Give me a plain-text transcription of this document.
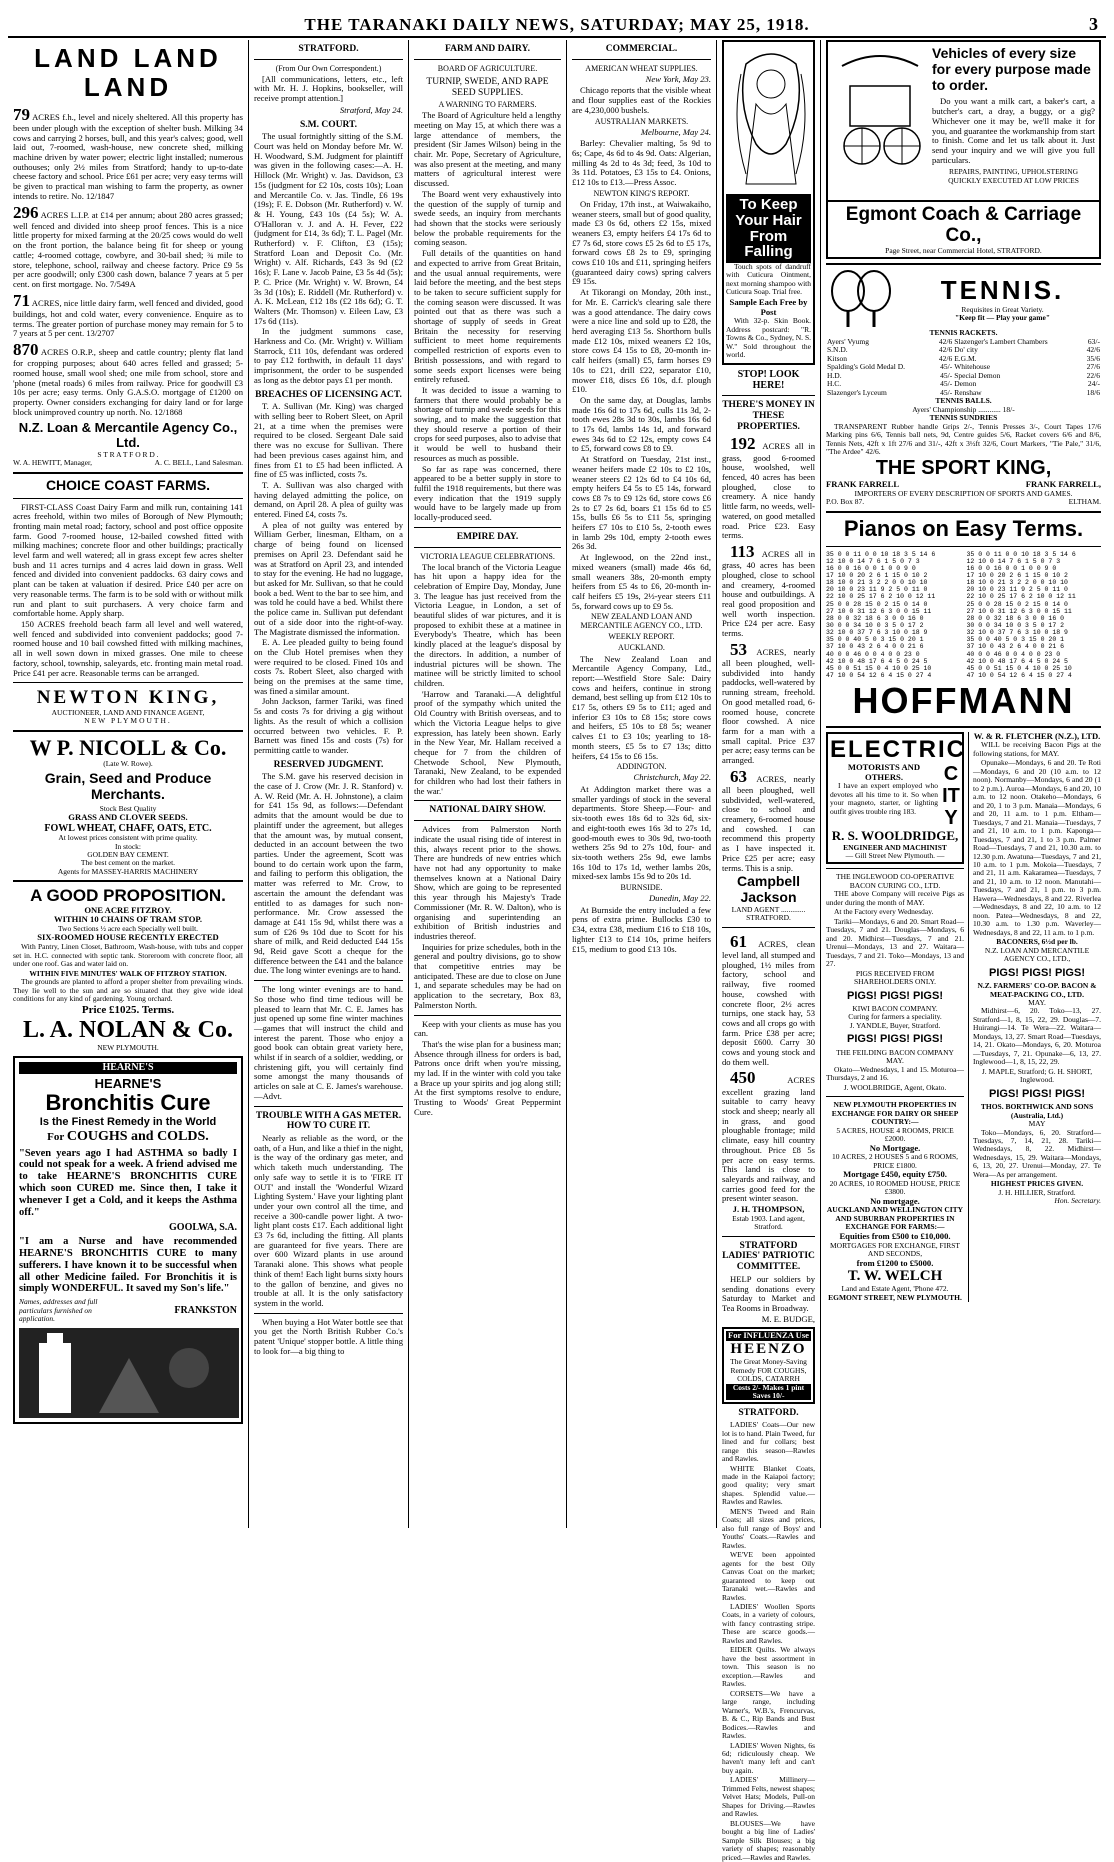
THE TARANAKI DAILY NEWS, SATURDAY; MAY 25, 1918.	3
LAND LAND LAND

79 ACRES f.h., level and nicely sheltered. All this property has been under plough with the exception of shelter bush. Milking 34 cows and carrying 2 horses, bull, and this year's calves; good, well laid out, 7-roomed, wash-house, new concrete shed, milking machine driven by water power; electric light installed; numerous outhouses; only 2½ miles from Stratford; handy to up-to-date cheese factory and school. Price £61 per acre; very easy terms will be given to practical man wishing to farm the property, as owner intends to retire. No. 12/1847

296 ACRES L.I.P. at £14 per annum; about 280 acres grassed; well fenced and divided into sheep proof fences. This is a nice little property for mixed farming at the 20/25 cows would do well on the front portion, the balance being fit for sheep or young cattle; 4-roomed cottage, cowbyre, and 30-bail shed; ¾ mile to store, telephone, school, railway and cheese factory. Price £9 5s per acre goodwill; only £300 cash down, balance 7 years at 5 per cent. on first mortgage. No. 7/549A

71 ACRES, nice little dairy farm, well fenced and divided, good buildings, hot and cold water, every convenience. Enquire as to terms. The greater portion of purchase money may remain for 5 to 7 years at 5 per cent. 13/2707

870 ACRES O.R.P., sheep and cattle country; plenty flat land for cropping purposes; about 640 acres felled and grassed; 5-roomed house, small wool shed; one mile from school, store and 'phone (metal roads) 6 miles from railway. Price for goodwill £3 10s per acre; easy terms. Only G.A.S.O. mortgage of £1200 on property. Owner considers exchanging for dairy land or for large block unimproved country up north. No. 12/1868

N.Z. Loan & Mercantile Agency Co., Ltd.
S T R A T F O R D .
W. A. HEWITT, Manager,	A. C. BELL, Land Salesman.
CHOICE COAST FARMS.

FIRST-CLASS Coast Dairy Farm and milk run, containing 141 acres freehold, within two miles of Borough of New Plymouth; fronting main metal road; factory, school and post office opposite farm. Good 7-roomed house, 12-bailed cowshed fitted with milking machines; concrete floor and other buildings; practically level farm and well watered; all in grass except few acres shelter bush and 11 acres turnips and 4 acres laid down in grass. Well fenced and divided into convenient paddocks. 63 dairy cows and plant can be taken at valuation if desired. Price £40 per acre on very reasonable terms. The farm is to be sold with or without milk run and plant to suit purchasers. A very choice farm and comfortable home. Apply sharp.

150 ACRES freehold beach farm all level and well watered, well fenced and subdivided into convenient paddocks; good 7-roomed house and 10 bail cowshed fitted with milking machines, all in well sown down in mixed grasses. One mile to cheese factory, school, township, saleyards, etc. fronting main metal road. Price £41 per acre. Reasonable terms can be arranged.

NEWTON KING,
AUCTIONEER, LAND AND FINANCE AGENT,
NEW PLYMOUTH.
W P. NICOLL & Co.
(Late W. Rowe).
Grain, Seed and Produce Merchants.
Stock Best Quality
GRASS AND CLOVER SEEDS.
FOWL WHEAT, CHAFF, OATS, ETC.
At lowest prices consistent with prime quality.
In stock:
GOLDEN BAY CEMENT.
The best cement on the market.
Agents for MASSEY-HARRIS MACHINERY
A GOOD PROPOSITION.
ONE ACRE FITZROY.
WITHIN 10 CHAINS OF TRAM STOP.
Two Sections ½ acre each Specially well built.
SIX-ROOMED HOUSE RECENTLY ERECTED

With Pantry, Linen Closet, Bathroom, Wash-house, with tubs and copper set in. H.C. connected with septic tank. Storeroom with concrete floor, all under one roof. Gas and water laid on.

WITHIN FIVE MINUTES' WALK OF FITZROY STATION.

The grounds are planted to afford a proper shelter from prevailing winds. They lie well to the sun and are so situated that they give wide ideal conditions for any kind of gardening. Young orchard.

Price £1025. Terms.
L. A. NOLAN & Co.
NEW PLYMOUTH.
HEARNE'S
HEARNE'S
Bronchitis Cure
Is the Finest Remedy in the World
For COUGHS and COLDS.
"Seven years ago I had ASTHMA so badly I could not speak for a week. A friend advised me to take HEARNE'S BRONCHITIS CURE which soon CURED me. Since then, I take it whenever I get a Cold, and it keeps the Asthma off."
GOOLWA, S.A.
"I am a Nurse and have recommended HEARNE'S BRONCHITIS CURE to many sufferers. I have known it to be successful when all other Medicine failed. For Bronchitis it is simply WONDERFUL. It saved my Son's life."
Names, addresses and full particulars furnished on application.
FRANKSTON
STRATFORD.
(From Our Own Correspondent.)

[All communications, letters, etc., left with Mr. H. J. Hopkins, bookseller, will receive prompt attention.]

Stratford, May 24.
S.M. COURT.

The usual fortnightly sitting of the S.M. Court was held on Monday before Mr. W. H. Woodward, S.M. Judgment for plaintiff was given in the following cases:—A. H. Hillock (Mr. Wright) v. Jas. Davidson, £3 15s (judgment for £2 10s, costs 10s); Loan and Mercantile Co. v. Jas. Tindle, £6 19s (19s); F. E. Dobson (Mr. Rutherford) v. W. & H. Young, £43 10s (£4 5s); W. A. O'Halloran v. J. and A. H. Fever, £22 (judgment for £14, 3s 6d); T. L. Pagel (Mr. Rutherford) v. F. Clifton, £3 (15s); Stratford Loan and Deposit Co. (Mr. Wright) v. Alf. Richards, £43 3s 9d (£2 16s); F. Lane v. Jacob Paine, £3 5s 4d (5s); P. C. Price (Mr. Wright) v. W. Brown, £4 3s 3d (10s); E. Riddell (Mr. Rutherford) v. A. K. McLean, £12 18s (£2 18s 6d); G. T. Walters (Mr. Thomson) v. Eileen Law, £3 17s 6d (11s).

In the judgment summons case, Harkness and Co. (Mr. Wright) v. William Starrock, £11 10s, defendant was ordered to pay £12 forthwith, in default 11 days' imprisonment, the order to be suspended as long as the debtor pays £1 per month.

BREACHES OF LICENSING ACT.

T. A. Sullivan (Mr. King) was charged with selling beer to Robert Sleet, on April 21, at a time when the premises were required to be closed. Sergeant Dale said there was no excuse for Sullivan. There had been previous cases against him, and fines from £1 to £5 had been inflicted. A fine of £5 was inflicted, costs 7s.

T. A. Sullivan was also charged with having delayed admitting the police, on demand, on April 28. A plea of guilty was entered. Fined £4, costs 7s.

A plea of not guilty was entered by William Gerber, linesman, Eltham, on a charge of being found on licensed premises on April 23. Defendant said he was at Stratford on April 23, and intended to stay for the evening. He had no luggage, but asked for Mr. Sullivan, so that he could book a bed. Went to the bar to see him, and was told he could have a bed. Whilst there the police came in. Sullivan put defendant out of a side door into the right-of-way. The Magistrate dismissed the information.

E. A. Lee pleaded guilty to being found on the Club Hotel premises when they were required to be closed. Fined 10s and costs 7s. Robert Sleet, also charged with being on the premises at the same time, was fined a similar amount.

John Jackson, farmer Tariki, was fined 5s and costs 7s for driving a gig without lights. As the result of which a collision occurred between two vehicles. F. P. Barnett was fined 15s and costs (7s) for permitting cattle to wander.

RESERVED JUDGMENT.

The S.M. gave his reserved decision in the case of J. Crow (Mr. J. R. Stanford) v. A. W. Reid (Mr. A. H. Johnstone), a claim for £41 15s 9d, as follows:—Defendant admits that the amount would be due to plaintiff under the agreement, but alleges that the amount was, by mutual consent, deducted in an account between the two parties. Under the agreement, Scott was bound to do certain work upon the farm, and failing to perform this obligation, the matter was referred to Mr. Crow, to ascertain the amount the defendant was entitled to as damages for such non-performance. Mr. Crow assessed the damage at £41 15s 9d, whilst there was a sum of £26 9s 10d due to Scott for his share of milk, and Reid deducted £44 15s 9d, Reid gave Scott a cheque for the difference between the £41 and the balance due. The long winter evenings are to hand.

The long winter evenings are to hand. So those who find time tedious will be pleased to learn that Mr. C. E. James has just opened up some fine winter machines—games that will instruct the child and interest the parent. Those who enjoy a good book can obtain great variety here, whilst if in search of a soldier, wedding, or christening gift, you will certainly find some amongst the many thousands of articles on sale at C. E. James's warehouse.—Advt.

TROUBLE WITH A GAS METER. HOW TO CURE IT.

Nearly as reliable as the word, or the oath, of a Hun, and like a thief in the night, is the way of the ordinary gas meter, and which taketh much understanding. The only safe way to settle it is to 'FIRE IT OUT' and install the 'Wonderful Wizard Lighting System.' Have your lighting plant under your own control all the time, and receive a 300-candle power light. A two-light plant costs £17. Each additional light £3 7s 6d, including the fitting. All plants are guaranteed for five years. There are over 600 Wizard plants in use around Taranaki alone. This shows what people think of them! Each light burns sixty hours to the gallon of benzine, and gives no trouble at all. It is the only satisfactory system in the world.

When buying a Hot Water bottle see that you get the North British Rubber Co.'s patent 'Unique' stopper bottle. A little thing to look for—a big thing to

FARM AND DAIRY.
BOARD OF AGRICULTURE.
TURNIP, SWEDE, AND RAPE SEED SUPPLIES.
A WARNING TO FARMERS.

The Board of Agriculture held a lengthy meeting on May 15, at which there was a large attendance of members, the president (Sir James Wilson) being in the chair. Mr. Pope, Secretary of Agriculture, was also present at the meeting, and many matters of agricultural interest were discussed.

The Board went very exhaustively into the question of the supply of turnip and swede seeds, an inquiry from merchants had shown that the stocks were seriously below the probable requirements for the coming season.

Full details of the quantities on hand and expected to arrive from Great Britain, and the usual annual requirements, were laid before the meeting, and the best steps to be taken to secure sufficient supply for the coming season were discussed. It was pointed out that as there was such a shortage of supply of seeds in Great Britain the necessity for reserving sufficient to meet home requirements compelled restriction of exports even to British possessions, and with regard to some seeds export licenses were being entirely refused.

It was decided to issue a warning to farmers that there would probably be a shortage of turnip and swede seeds for this sowing, and to make the suggestion that they should reserve a portion of their crops for seed purposes, also to advise that it would be well to husband their resources as much as possible.

So far as rape was concerned, there appeared to be a better supply in store to fulfil the 1918 requirements, but there was every indication that the 1919 supply would have to be largely made up from locally-produced seed.

EMPIRE DAY.
VICTORIA LEAGUE CELEBRATIONS.

The local branch of the Victoria League has hit upon a happy idea for the celebration of Empire Day, Monday, June 3. The league has just received from the Victoria League, in London, a set of beautiful slides of war pictures, and it is proposed to exhibit these at a matinee in Everybody's Theatre, which has been kindly placed at the league's disposal by the directors. In addition, a number of industrial pictures will be shown. The matinee will be strictly limited to school children.

'Harrow and Taranaki.—A delightful proof of the sympathy which united the Old Country with British overseas, and to which the Victoria League helps to give expression, has lately been shown. Early in the New Year, Mr. Hallam received a cheque for 7 from the children of Chetwode School, New Plymouth, Taranaki, New Zealand, to be expended for children who had lost their fathers in the war.'

NATIONAL DAIRY SHOW.

Advices from Palmerston North indicate the usual rising tide of interest in this, always recent prior to the shows. There are hundreds of new entries which have not had any opportunity to make themselves known at a National Dairy Show, which are going to be represented this year through his Majesty's Trade Commissioner (Mr. R. W. Dalton), who is organising and superintending an exhibition of British industries and industries thereof.

Inquiries for prize schedules, both in the general and poultry divisions, go to show that competitive entries may be anticipated. These are due to close on June 1, and separate schedules may be had on application to the secretary, Box 83, Palmerston North.

Keep with your clients as muse has you can.

That's the wise plan for a business man; Absence through illness for orders is bad, Patrons once drift when you're missing, my lad. If in the winter with cold you take a Brace up your spirits and jog along still; At the first symptoms resolve to endure, Trusting to Woods' Great Peppermint Cure.

COMMERCIAL.
AMERICAN WHEAT SUPPLIES.
New York, May 23.

Chicago reports that the visible wheat and flour supplies east of the Rockies are 4,230,000 bushels.

AUSTRALIAN MARKETS.
Melbourne, May 24.

Barley: Chevalier malting, 5s 9d to 6s; Cape, 4s 6d to 4s 9d. Oats: Algerian, milling 4s 2d to 4s 3d; feed, 3s 10d to 3s 11d. Potatoes, £3 15s to £4. Onions, £12 10s to £13.—Press Assoc.

NEWTON KING'S REPORT.

On Friday, 17th inst., at Waiwakaiho, weaner steers, small but of good quality, made £3 0s 6d, others £2 15s, mixed weaners £3, empty heifers £4 17s 6d to £7 7s 6d, store cows £5 2s 6d to £5 17s, forward cows £8 2s to £9, springing cows £10 10s and £11, springing heifers (guaranteed dairy cows) spring calvers £9 15s.

At Tikorangi on Monday, 20th inst., for Mr. E. Carrick's clearing sale there was a good attendance. The dairy cows were a nice line and sold up to £28, the herd averaging £13 5s. Shorthorn bulls made £12 10s, mixed weaners £2 10s, store cows £4 15s to £8, 20-month in-calf heifers (small) £5, farm horses £9 10s to £21, drill £22, separator £10, mower £18, discs £6 10s, d.f. plough £10.

On the same day, at Douglas, lambs made 16s 6d to 17s 6d, culls 11s 3d, 2-tooth ewes 28s 3d to 30s, lambs 16s 6d to 17s 6d, lambs 14s 1d, and forward ewes 34s 6d to £2 12s, empty cows £4 to £5, forward cows £8 to £9.

At Stratford on Tuesday, 21st inst., weaner heifers made £2 10s to £2 10s, weaner steers £2 12s 6d to £4 10s 6d, empty heifers £4 5s to £5 14s, forward cows £8 7s to £9 12s 6d, store cows £6 2s to £7 2s 6d, boars £1 15s 6d to £5 15s, bulls £6 5s to £11 5s, springing heifers £7 10s to £10 5s, 2-tooth ewes in lamb 29s 10d, empty 2-tooth ewes 26s 3d.

At Inglewood, on the 22nd inst., mixed weaners (small) made 46s 6d, small weaners 38s, 20-month empty heifers from £5 4s to £6, 20-month in-calf heifers £5 19s, 2½-year steers £11 5s, forward cows up to £9 5s.

NEW ZEALAND LOAN AND MERCANTILE AGENCY CO., LTD.
WEEKLY REPORT.
AUCKLAND.

The New Zealand Loan and Mercantile Agency Company, Ltd., report:—Westfield Store Sale: Dairy cows and heifers, continue in strong demand, best selling up from £12 10s to £17 5s, others £9 5s to £11; aged and inferior £3 10s to £8 15s; store cows and heifers, £5 10s to £8 5s; weaner calves £1 to £3 10s; yearling to 18-month steers, £5 5s to £7 13s; ditto heifers, £4 15s to £6 15s.

ADDINGTON.
Christchurch, May 22.

At Addington market there was a smaller yardings of stock in the several departments. Store Sheep.—Four- and six-tooth ewes 18s 6d to 32s 6d, six- and eight-tooth ewes 16s 3d to 27s 1d, good-mouth ewes to 30s 9d, two-tooth wethers 25s 9d to 27s 10d, four- and six-tooth wethers 25s 9d, ewe lambs 16s 10d to 17s 1d, wether lambs 20s, mixed-sex lambs 15s 9d to 20s 1d.

BURNSIDE.
Dunedin, May 22.

At Burnside the entry included a few pens of extra prime. Bullocks £30 to £34, extra £38, medium £16 to £18 10s, lighter £13 to £14 10s, prime heifers £15, medium to good £13 10s.

To Keep Your Hair From Falling

Touch spots of dandruff with Cuticura Ointment, next morning shampoo with Cuticura Soap. Trial free.

Sample Each Free by Post

With 32-p. Skin Book. Address postcard: "R. Towns & Co., Sydney, N. S. W." Sold throughout the world.

STOP! LOOK HERE!
THERE'S MONEY IN THESE PROPERTIES.

192 ACRES all in grass, good 6-roomed house, woolshed, well fenced, 40 acres has been ploughed, close to creamery. A nice handy little farm, no weeds, well-watered, on good metalled road. Price £23. Easy terms.

113 ACRES all in grass, 40 acres has been ploughed, close to school and creamery, 4-roomed house and outbuildings. A real good proposition and well worth inspection. Price £24 per acre. Easy terms.

53 ACRES, nearly all been ploughed, well-subdivided into handy paddocks, well-watered by running stream, freehold. On good metalled road, 6-roomed house, concrete floor cowshed. A nice farm for a man with a small capital. Price £37 per acre; easy terms can be arranged.

63 ACRES, nearly all been ploughed, well subdivided, well-watered, close to school and creamery, 6-roomed house and cowshed. I can recommend this property as I have inspected it. Price £25 per acre; easy terms. This is a snip.

Campbell Jackson
LAND AGENT ............. STRATFORD.

61 ACRES, clean level land, all stumped and ploughed, 1½ miles from factory, school and railway, five roomed house, cowshed with concrete floor, 2½ acres turnips, one stack hay, 53 cows and all crops go with farm. Price £38 per acre; deposit £600. Carry 30 cows and young stock and do them well.

450 ACRES excellent grazing land suitable to carry heavy stock and sheep; nearly all in grass, and good ploughable frontage; mild climate, easy hill country throughout. Price £8 5s per acre on easy terms. This land is close to saleyards and railway, and carries good feed for the present winter season.

J. H. THOMPSON,
Estab 1903. Land agent, Stratford.
STRATFORD LADIES' PATRIOTIC COMMITTEE.

HELP our soldiers by sending donations every Saturday to Market and Tea Rooms in Broadway.

M. E. BUDGE,
For INFLUENZA Use
HEENZO
The Great Money-Saving Remedy FOR COUGHS, COLDS, CATARRH
Costs 2/- Makes 1 pint Saves 10/-
STRATFORD.

LADIES' Coats—Our new lot is to hand. Plain Tweed, fur lined and fur collars; best range this season—Rawles and Rawles.

WHITE Blanket Coats, made in the Kaiapoi factory; good quality; very smart shapes. Splendid value.—Rawles and Rawles.

MEN'S Tweed and Rain Coats; all sizes and prices, also full range of Boys' and Youths' Coats.—Rawles and Rawles.

WE'VE been appointed agents for the best Oily Canvas Coat on the market; guaranteed to keep out Taranaki wet.—Rawles and Rawles.

LADIES' Woollen Sports Coats, in a variety of colours, with fancy contrasting stripe. These are scarce goods.—Rawles and Rawles.

EIDER Quilts. We always have the best assortment in town. This season is no exception.—Rawles and Rawles.

CORSETS—We have a large range, including Warner's, W.B.'s, Frencurvas, B. & C., Rip Bands and Bust Bodices.—Rawles and Rawles.

LADIES' Woven Nights, 6s 6d; ridiculously cheap. We haven't many left and can't buy again.

LADIES' Millinery—Trimmed Felts, newest shapes; Velvet Hats; Models, Pull-on Shapes for Driving.—Rawles and Rawles.

BLOUSES—We have bought a big line of Ladies' Sample Silk Blouses; a big variety of shapes; reasonably priced.—Rawles and Rawles.

Vehicles of every size for every purpose made to order.

Do you want a milk cart, a baker's cart, a butcher's cart, a dray, a buggy, or a gig? Whichever one it may be, we'll make it for you, and guarantee the workmanship from start to finish. Come and let us talk about it. Just send your inquiry and we will give you full particulars.

REPAIRS, PAINTING, UPHOLSTERING QUICKLY EXECUTED AT LOW PRICES
Egmont Coach & Carriage Co.,
Page Street, near Commercial Hotel, STRATFORD.
TENNIS.
Requisites in Great Variety.
"Keep fit — Play your game"
TENNIS RACKETS.
Ayers' Vyumg	42/6	Slazenger's Lambert Chambers	63/-
S.N.D.	42/6	Do' city	42/6
Kitson	42/6	E.G.M.	35/6
Spalding's Gold Medal D.	45/-	Whitehouse	27/6
H.D.	45/-	Special Demon	22/6
H.C.	45/-	Demon	24/-
Slazenger's Lyceum	45/-	Renshaw	18/6
TENNIS BALLS.
Ayers' Championship ............ 18/-
TENNIS SUNDRIES

TRANSPARENT Rubber handle Grips 2/-, Tennis Presses 3/-, Court Tapes 17/6 Marking pins 6/6, Tennis ball nets, 9d, Centre guides 5/6, Racket covers 6/6 and 8/6, Tennis Nets, 42ft x 1ft 27/6 and 31/-, 42ft x 3½ft 32/6, Court Markers, "Tie Pale," 31/6, "The Ardee" 42/6.

THE SPORT KING,
FRANK FARRELL	FRANK FARRELL,
IMPORTERS OF EVERY DESCRIPTION OF SPORTS AND GAMES.
P.O. Box 87.	ELTHAM.
Pianos on Easy Terms.
35 0 0 11 0 0 10 18 3 5 14 6
12 10 0 14 7 6 1 5 0 7 3
16 0 0 16 0 0 1 0 0 9 0
17 10 0 20 2 6 1 15 0 10 2
18 10 0 21 3 2 2 0 0 10 10
20 10 0 23 11 9 2 5 0 11 0
22 10 0 25 17 6 2 10 0 12 11
25 0 0 28 15 0 2 15 0 14 0
27 10 0 31 12 6 3 0 0 15 11
28 0 0 32 18 6 3 0 0 16 0
30 0 0 34 10 0 3 5 0 17 2
32 10 0 37 7 6 3 10 0 18 9
35 0 0 40 5 0 3 15 0 20 1
37 10 0 43 2 6 4 0 0 21 6
40 0 0 46 0 0 4 0 0 23 0
42 10 0 48 17 6 4 5 0 24 5
45 0 0 51 15 0 4 10 0 25 10
47 10 0 54 12 6 4 15 0 27 4
35 0 0 11 0 0 10 18 3 5 14 6
12 10 0 14 7 6 1 5 0 7 3
16 0 0 16 0 0 1 0 0 9 0
17 10 0 20 2 6 1 15 0 10 2
18 10 0 21 3 2 2 0 0 10 10
20 10 0 23 11 9 2 5 0 11 0
22 10 0 25 17 6 2 10 0 12 11
25 0 0 28 15 0 2 15 0 14 0
27 10 0 31 12 6 3 0 0 15 11
28 0 0 32 18 6 3 0 0 16 0
30 0 0 34 10 0 3 5 0 17 2
32 10 0 37 7 6 3 10 0 18 9
35 0 0 40 5 0 3 15 0 20 1
37 10 0 43 2 6 4 0 0 21 6
40 0 0 46 0 0 4 0 0 23 0
42 10 0 48 17 6 4 5 0 24 5
45 0 0 51 15 0 4 10 0 25 10
47 10 0 54 12 6 4 15 0 27 4
HOFFMANN
ELECTRIC
MOTORISTS AND OTHERS.

I have an expert employed who devotes all his time to it. So when your magneto, starter, or lighting outfit gives trouble ring 183.

CITY
R. S. WOOLDRIDGE,
ENGINEER AND MACHINIST
— Gill Street New Plymouth. —
THE INGLEWOOD CO-OPERATIVE BACON CURING CO., LTD.

THE above Company will receive Pigs as under during the month of MAY.

At the Factory every Wednesday.

Tariki—Mondays, 6 and 20. Smart Road—Tuesdays, 7 and 21. Douglas—Mondays, 6 and 20. Midhirst—Tuesdays, 7 and 21. Urenui—Mondays, 13 and 27. Waitara—Tuesdays, 7 and 21. Toko—Mondays, 13 and 27.

PIGS RECEIVED FROM SHAREHOLDERS ONLY.
PIGS! PIGS! PIGS!
KIWI BACON COMPANY.
Curing for farmers a speciality.
J. YANDLE, Buyer, Stratford.
PIGS! PIGS! PIGS!
THE FEILDING BACON COMPANY
MAY.

Okato—Wednesdays, 1 and 15. Moturoa—Thursdays, 2 and 16.

J. WOOLBRIDGE, Agent, Okato.
NEW PLYMOUTH PROPERTIES IN EXCHANGE FOR DAIRY OR SHEEP COUNTRY:—
5 ACRES, HOUSE 4 ROOMS, PRICE £2000.
No Mortgage.
10 ACRES, 2 HOUSES 5 and 6 ROOMS, PRICE £1800.
Mortgage £450, equity £750.
20 ACRES, 10 ROOMED HOUSE, PRICE £3800.
No mortgage.
AUCKLAND AND WELLINGTON CITY AND SUBURBAN PROPERTIES IN EXCHANGE FOR FARMS:—
Equities from £500 to £10,000.
MORTGAGES FOR EXCHANGE, FIRST AND SECONDS,
from £1200 to £5000.
T. W. WELCH
Land and Estate Agent, 'Phone 472.
EGMONT STREET, NEW PLYMOUTH.
W. & R. FLETCHER (N.Z.), LTD.

WILL be receiving Bacon Pigs at the following stations, for MAY.

Opunake—Mondays, 6 and 20. Te Roti—Mondays, 6 and 20 (10 a.m. to 12 noon). Normanby—Mondays, 6 and 20 (1 to 2 p.m.). Auroa—Mondays, 6 and 20, 10 a.m. to 12 noon. Otakeho—Mondays, 6 and 20, 1 to 3 p.m. Manaia—Mondays, 6 and 20, 11 a.m. to 1 p.m. Eltham—Tuesdays, 7 and 21. Manaia—Tuesdays, 7 and 21, 10 a.m. to 1 p.m. Kaponga—Tuesdays, 7 and 21, 1 to 3 p.m. Palmer Road—Tuesdays, 7 and 21, 10.30 a.m. to 12.30 p.m. Awatuna—Tuesdays, 7 and 21, 10 a.m. to 1 p.m. Mokoia—Tuesdays, 7 and 21, 11 a.m. Kakaramea—Tuesdays, 7 and 21, 10 a.m. to 12 noon. Manutahi—Tuesdays, 7 and 21, 1 p.m. to 3 p.m. Hawera—Wednesdays, 8 and 22. Riverlea—Wednesdays, 8 and 22, 10 a.m. to 12 noon. Patea—Wednesdays, 8 and 22, 10.30 a.m. to 1.30 p.m. Waverley—Wednesdays, 8 and 22, 11 a.m. to 1 p.m.

BACONERS, 6½d per lb.
N.Z. LOAN AND MERCANTILE AGENCY CO., LTD.,
PIGS! PIGS! PIGS!
N.Z. FARMERS' CO-OP. BACON & MEAT-PACKING CO., LTD.
MAY.

Midhirst—6, 20. Toko—13, 27. Stratford—1, 8, 15, 22, 29. Douglas—7. Huirangi—14. Te Wera—22. Waitara—Mondays, 13, 27. Smart Road—Tuesdays, 14, 21. Okato—Mondays, 6, 20. Moturoa—Tuesdays, 7, 21. Opunake—6, 13, 27. Inglewood—1, 8, 15, 22, 29.

J. MAPLE, Stratford; G. H. SHORT, Inglewood.
PIGS! PIGS! PIGS!
THOS. BORTHWICK AND SONS (Australia, Ltd.)
MAY

Toko—Mondays, 6, 20. Stratford—Tuesdays, 7, 14, 21, 28. Tariki—Wednesdays, 8, 22. Midhirst—Wednesdays, 15, 29. Waitara—Mondays, 6, 13, 20, 27. Urenui—Monday, 27. Te Wera—As per arrangement.

HIGHEST PRICES GIVEN.
J. H. HILLIER, Stratford.
Hon. Secretary.
